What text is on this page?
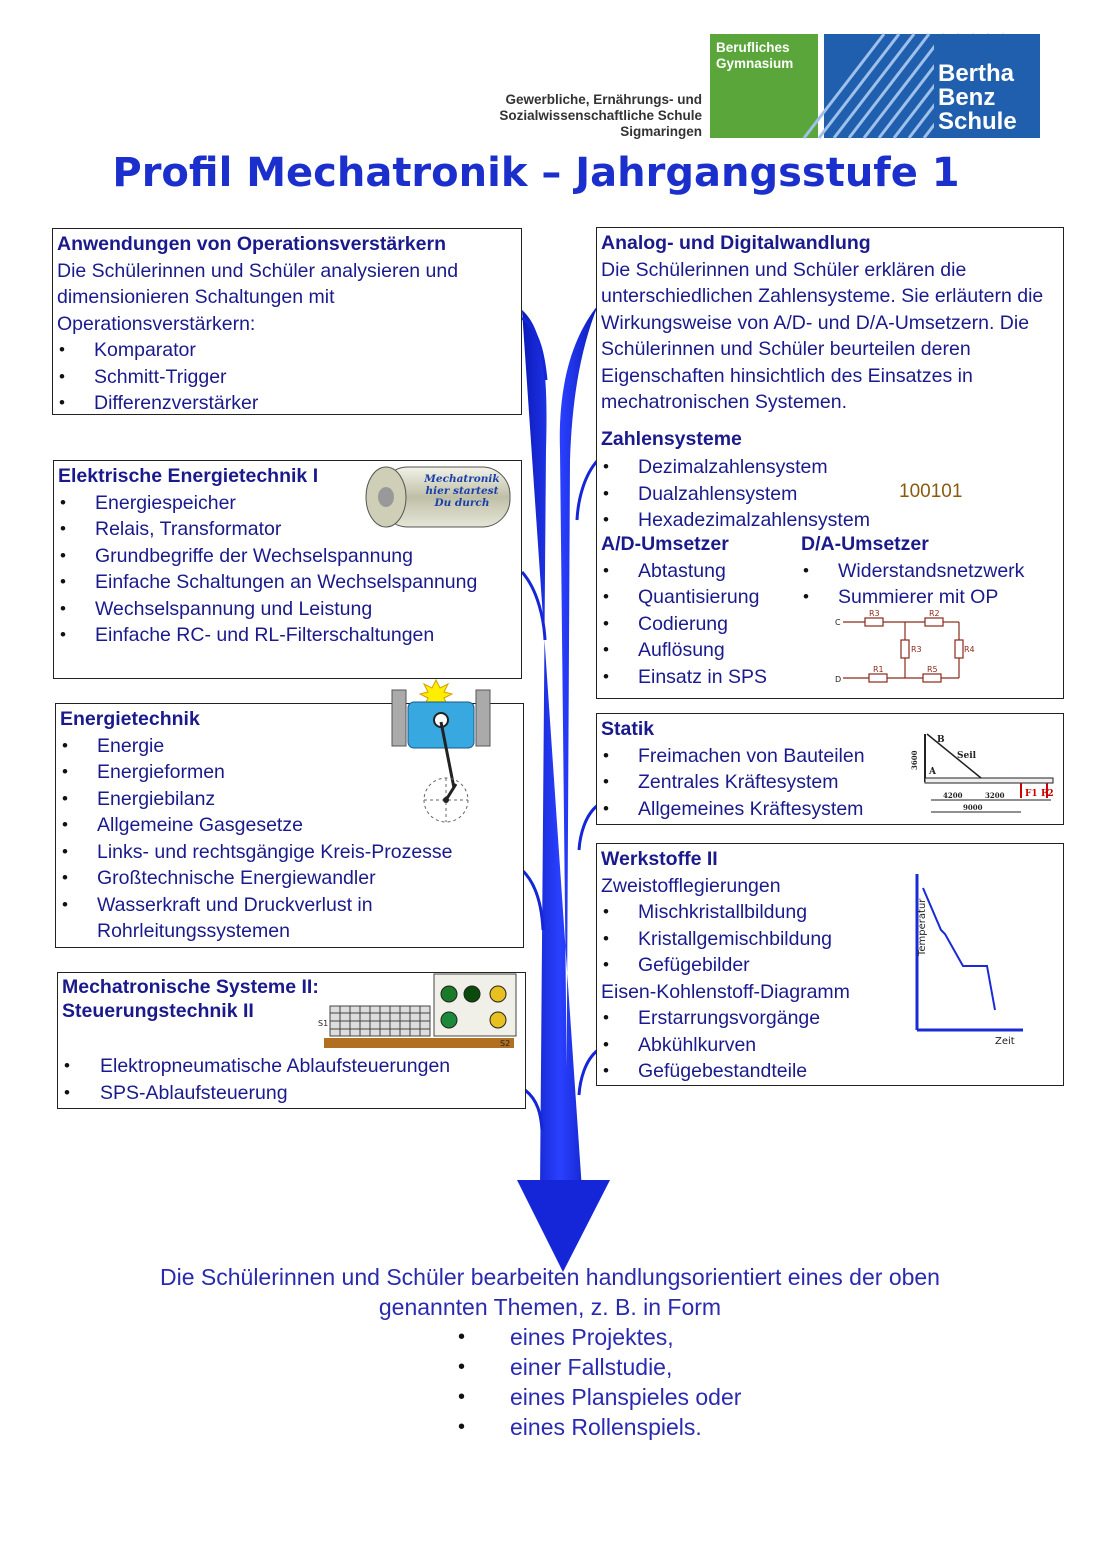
Gewerbliche, Ernährungs- und
Sozialwissenschaftliche Schule
Sigmaringen
Berufliches
Gymnasium	Bertha
Benz
Schule
Profil Mechatronik – Jahrgangsstufe 1
Anwendungen von Operationsverstärkern
Die Schülerinnen und Schüler analysieren und dimensionieren Schaltungen mit Operationsverstärkern:
• Komparator
• Schmitt-Trigger
• Differenzverstärker
Elektrische Energietechnik I
• Energiespeicher
• Relais, Transformator
• Grundbegriffe der Wechselspannung
• Einfache Schaltungen an Wechselspannung
• Wechselspannung und Leistung
• Einfache RC- und RL-Filterschaltungen
Mechatronik
hier startest
Du durch
Energietechnik
• Energie
• Energieformen
• Energiebilanz
• Allgemeine Gasgesetze
• Links- und rechtsgängige Kreis-Prozesse
• Großtechnische Energiewandler
• Wasserkraft und Druckverlust in Rohrleitungssystemen
Mechatronische Systeme II:
Steuerungstechnik II
• Elektropneumatische Ablaufsteuerungen
• SPS-Ablaufsteuerung
S1
S2
Analog- und Digitalwandlung
Die Schülerinnen und Schüler erklären die unterschiedlichen Zahlensysteme. Sie erläutern die Wirkungsweise von A/D- und D/A-Umsetzern. Die Schülerinnen und Schüler beurteilen deren Eigenschaften hinsichtlich des Einsatzes in mechatronischen Systemen.
Zahlensysteme
• Dezimalzahlensystem
• Dualzahlensystem
• Hexadezimalzahlensystem
100101
A/D-Umsetzer
• Abtastung
• Quantisierung
• Codierung
• Auflösung
• Einsatz in SPS
D/A-Umsetzer
• Widerstandsnetzwerk
• Summierer mit OP
C
D
R3	R2
R3	R4
R1	R5
Statik
• Freimachen von Bauteilen
• Zentrales Kräftesystem
• Allgemeines Kräftesystem
B
Seil
A
3600
4200	3200
9000
F1 F2
Werkstoffe II
Zweistofflegierungen
• Mischkristallbildung
• Kristallgemischbildung
• Gefügebilder
Eisen-Kohlenstoff-Diagramm
• Erstarrungsvorgänge
• Abkühlkurven
• Gefügebestandteile
Temperatur
Zeit
Die Schülerinnen und Schüler bearbeiten handlungsorientiert eines der oben
genannten Themen, z. B. in Form
• eines Projektes,
• einer Fallstudie,
• eines Planspieles oder
• eines Rollenspiels.
